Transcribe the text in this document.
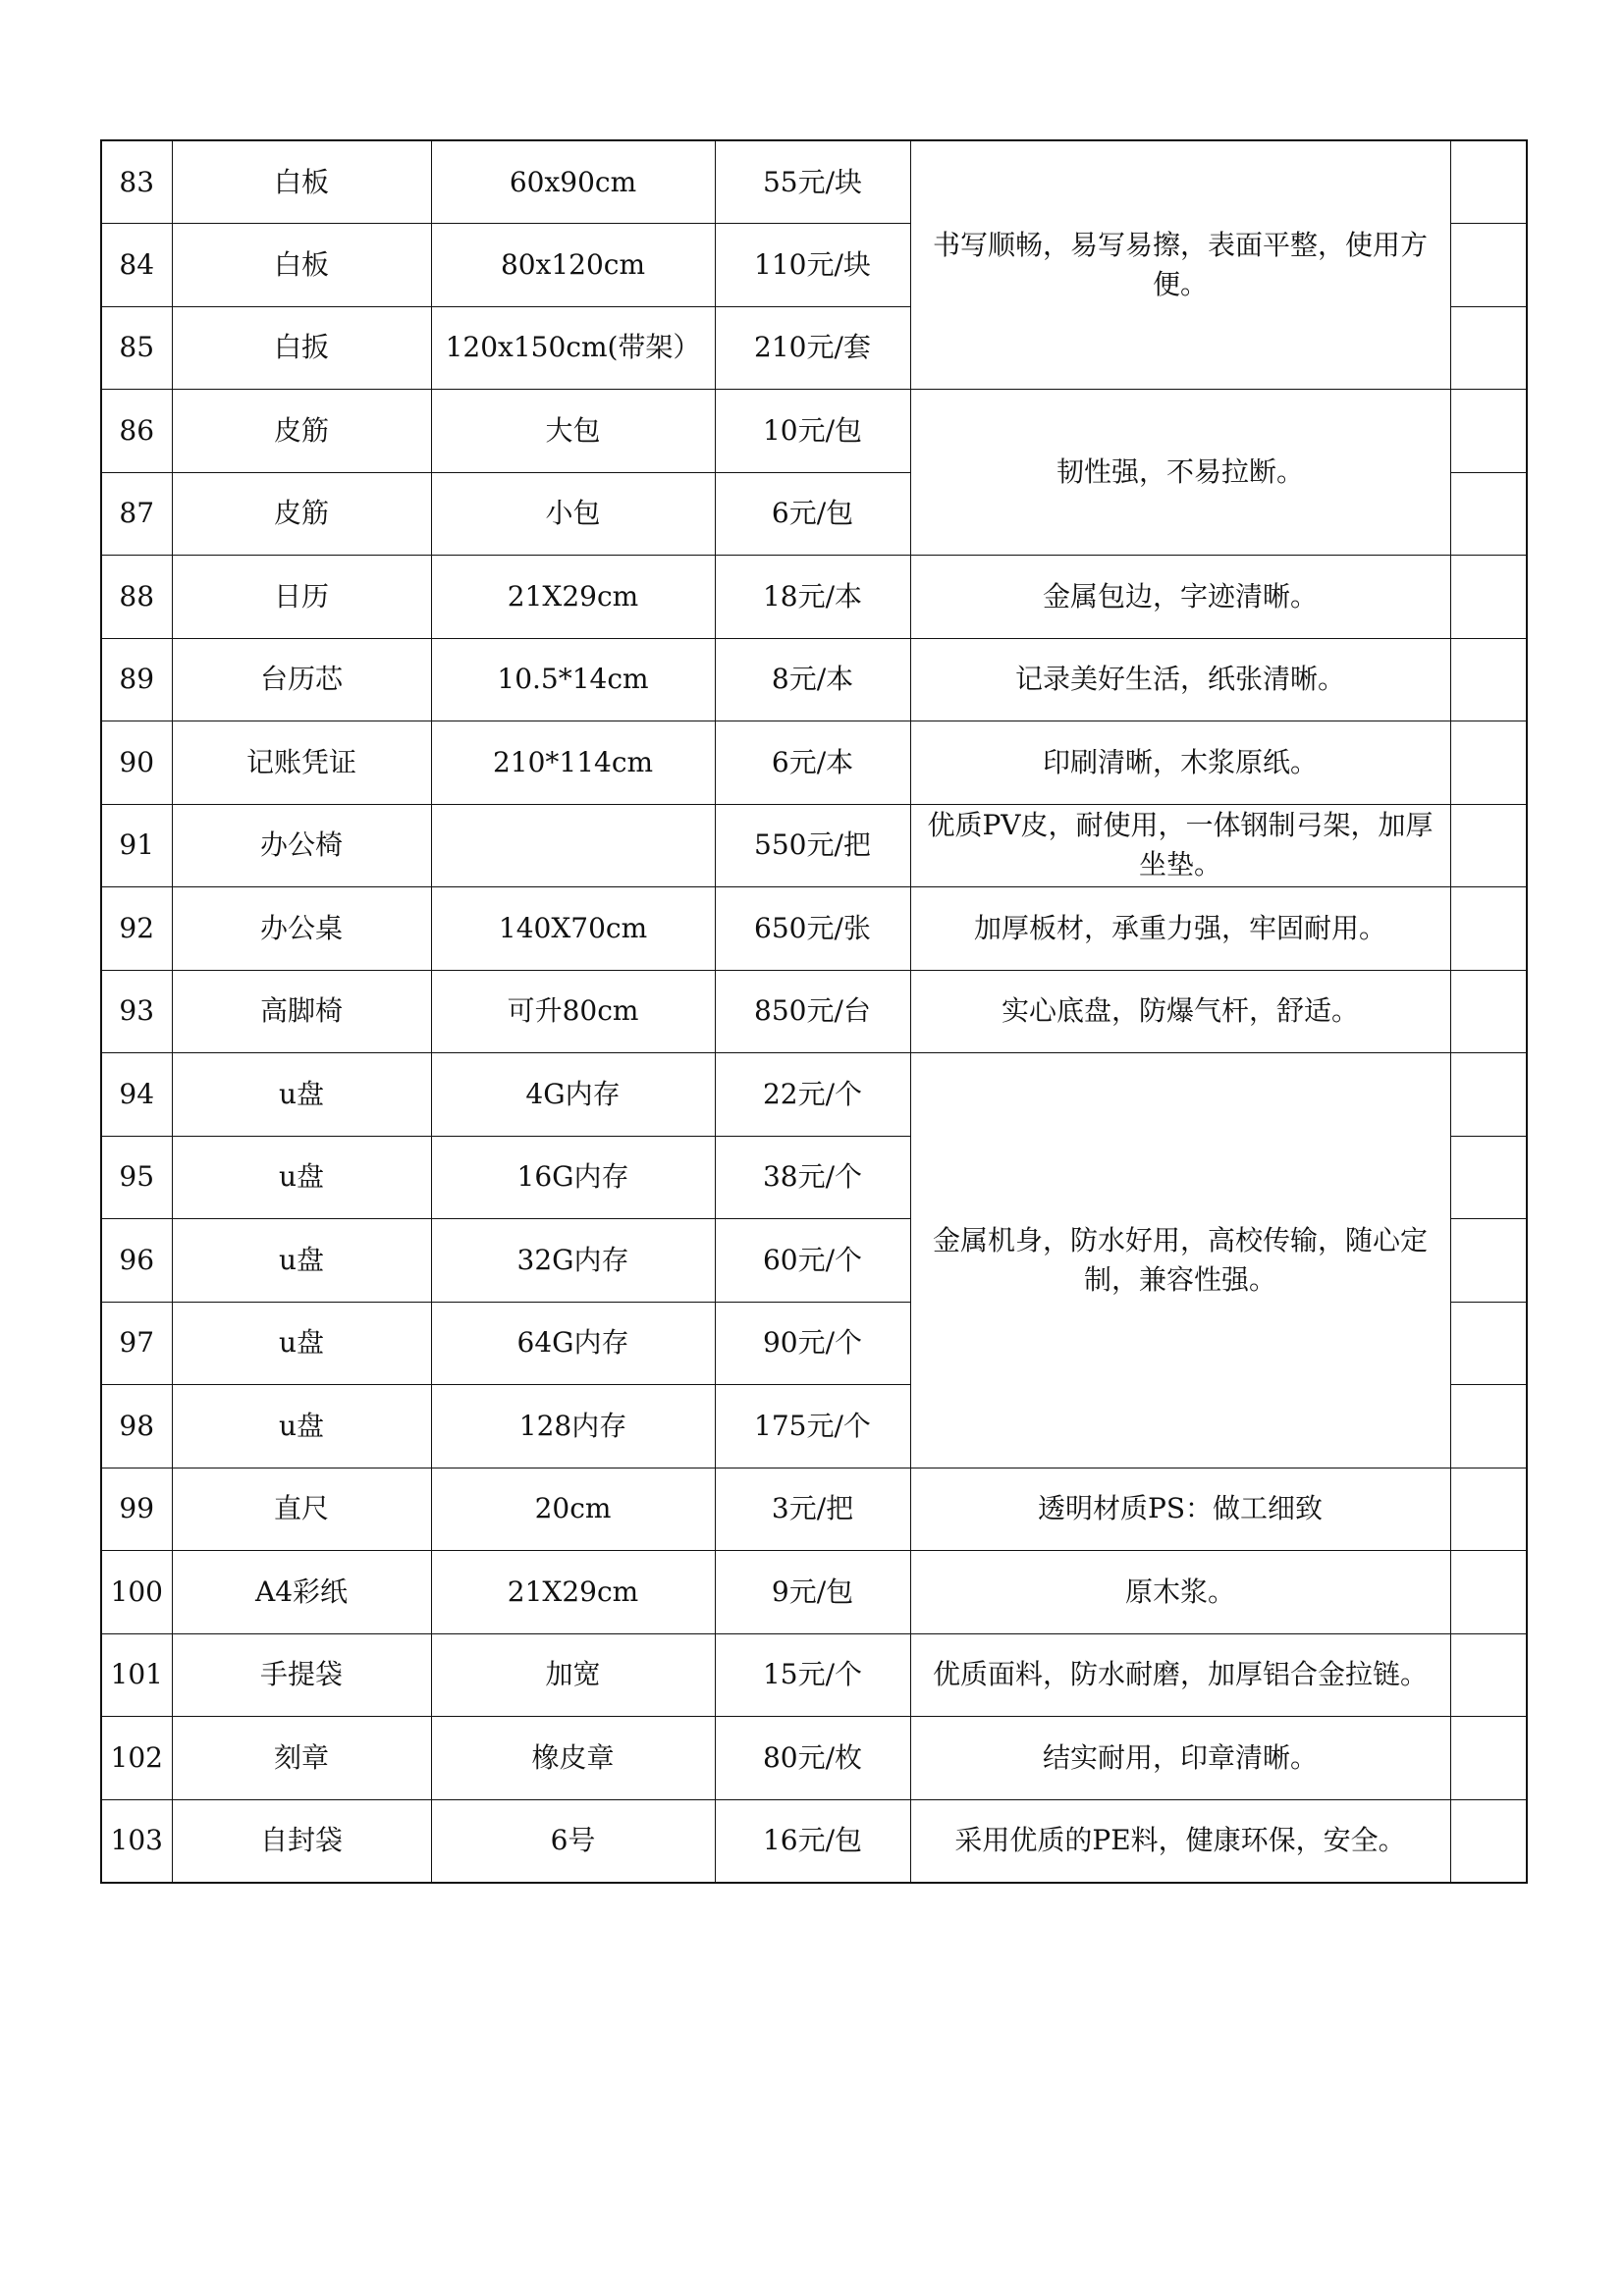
83	白板	60x90cm	55元/块	书写顺畅，易写易擦，表面平整，使用方便。	
84	白板	80x120cm	110元/块		
85	白扳	120x150cm(带架）	210元/套		
86	皮筋	大包	10元/包	韧性强，不易拉断。	
87	皮筋	小包	6元/包		
88	日历	21X29cm	18元/本	金属包边，字迹清晰。	
89	台历芯	10.5*14cm	8元/本	记录美好生活，纸张清晰。	
90	记账凭证	210*114cm	6元/本	印刷清晰，木浆原纸。	
91	办公椅		550元/把	优质PV皮，耐使用，一体钢制弓架，加厚坐垫。	
92	办公桌	140X70cm	650元/张	加厚板材，承重力强，牢固耐用。	
93	高脚椅	可升80cm	850元/台	实心底盘，防爆气杆，舒适。	
94	u盘	4G内存	22元/个	金属机身，防水好用，高校传输，随心定制，兼容性强。	
95	u盘	16G内存	38元/个		
96	u盘	32G内存	60元/个		
97	u盘	64G内存	90元/个		
98	u盘	128内存	175元/个		
99	直尺	20cm	3元/把	透明材质PS：做工细致	
100	A4彩纸	21X29cm	9元/包	原木浆。	
101	手提袋	加宽	15元/个	优质面料，防水耐磨，加厚铝合金拉链。	
102	刻章	橡皮章	80元/枚	结实耐用，印章清晰。	
103	自封袋	6号	16元/包	采用优质的PE料，健康环保，安全。	
